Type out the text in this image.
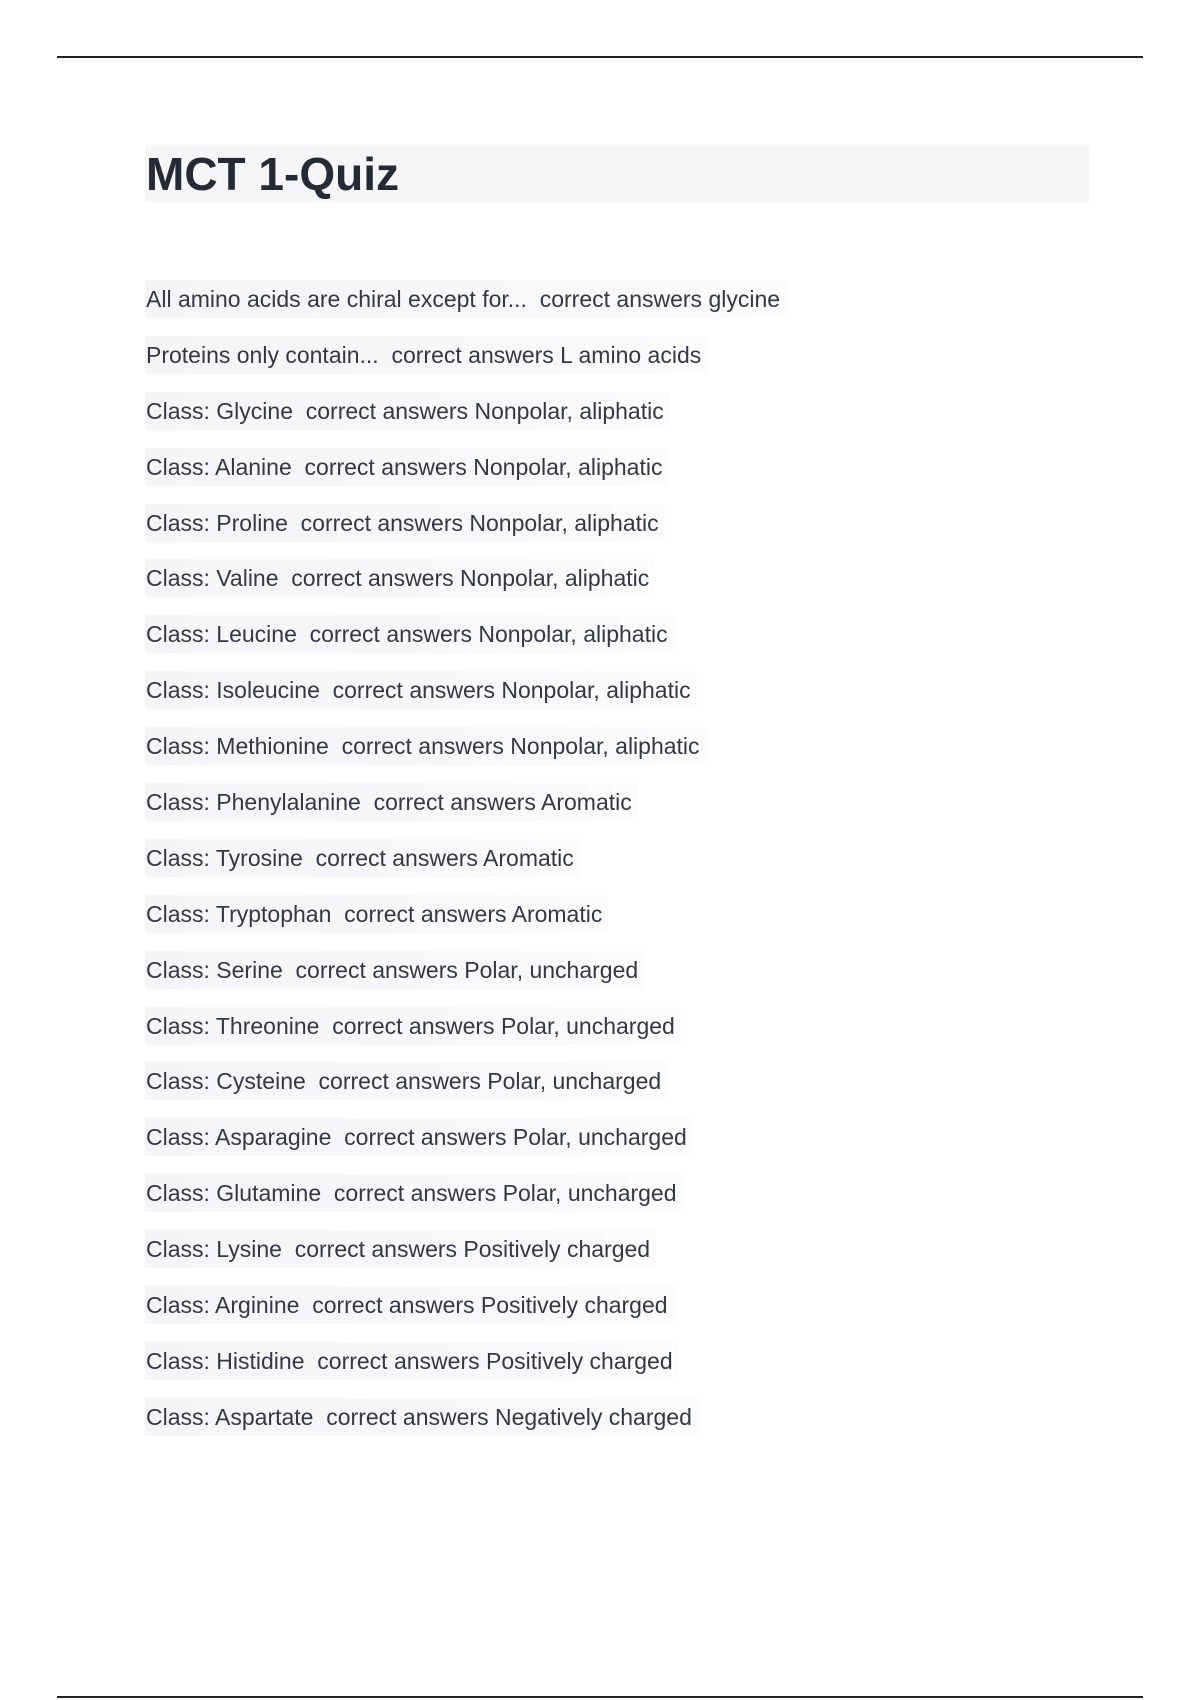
MCT 1-Quiz
All amino acids are chiral except for...  correct answers glycine
Proteins only contain...  correct answers L amino acids
Class: Glycine  correct answers Nonpolar, aliphatic
Class: Alanine  correct answers Nonpolar, aliphatic
Class: Proline  correct answers Nonpolar, aliphatic
Class: Valine  correct answers Nonpolar, aliphatic
Class: Leucine  correct answers Nonpolar, aliphatic
Class: Isoleucine  correct answers Nonpolar, aliphatic
Class: Methionine  correct answers Nonpolar, aliphatic
Class: Phenylalanine  correct answers Aromatic
Class: Tyrosine  correct answers Aromatic
Class: Tryptophan  correct answers Aromatic
Class: Serine  correct answers Polar, uncharged
Class: Threonine  correct answers Polar, uncharged
Class: Cysteine  correct answers Polar, uncharged
Class: Asparagine  correct answers Polar, uncharged
Class: Glutamine  correct answers Polar, uncharged
Class: Lysine  correct answers Positively charged
Class: Arginine  correct answers Positively charged
Class: Histidine  correct answers Positively charged
Class: Aspartate  correct answers Negatively charged
